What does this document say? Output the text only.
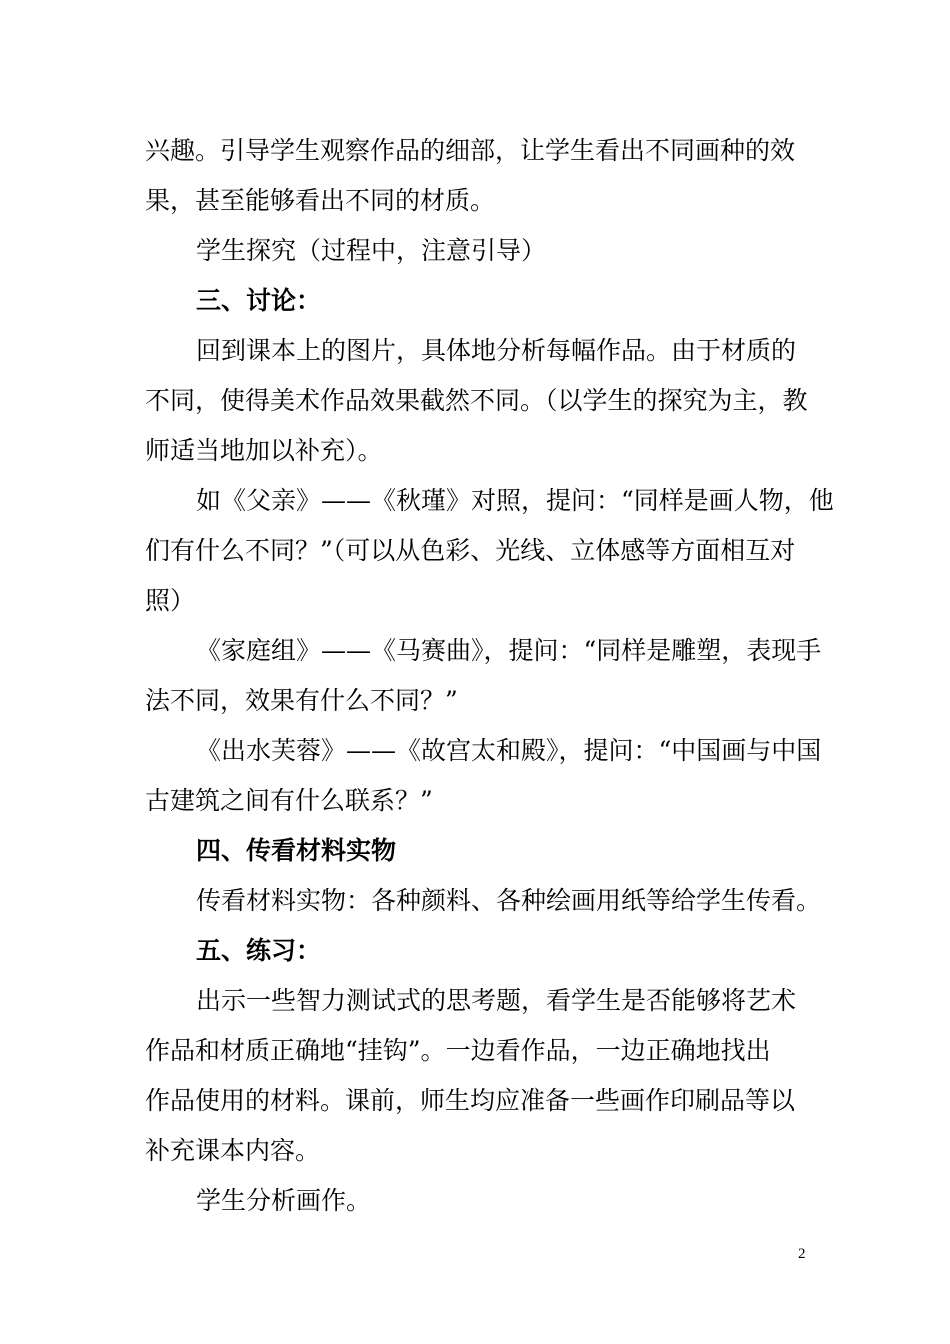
兴趣。引导学生观察作品的细部，让学生看出不同画种的效
果，甚至能够看出不同的材质。
学生探究（过程中，注意引导）
三、讨论：
回到课本上的图片，具体地分析每幅作品。由于材质的
不同，使得美术作品效果截然不同。（以学生的探究为主，教
师适当地加以补充）。
如《父亲》——《秋瑾》对照，提问：“同样是画人物，他
们有什么不同？”（可以从色彩、光线、立体感等方面相互对
照）
《家庭组》——《马赛曲》，提问：“同样是雕塑，表现手
法不同，效果有什么不同？”
《出水芙蓉》——《故宫太和殿》，提问：“中国画与中国
古建筑之间有什么联系？”
四、传看材料实物
传看材料实物：各种颜料、各种绘画用纸等给学生传看。
五、练习：
出示一些智力测试式的思考题，看学生是否能够将艺术
作品和材质正确地“挂钩”。一边看作品，一边正确地找出
作品使用的材料。课前，师生均应准备一些画作印刷品等以
补充课本内容。
学生分析画作。
2
